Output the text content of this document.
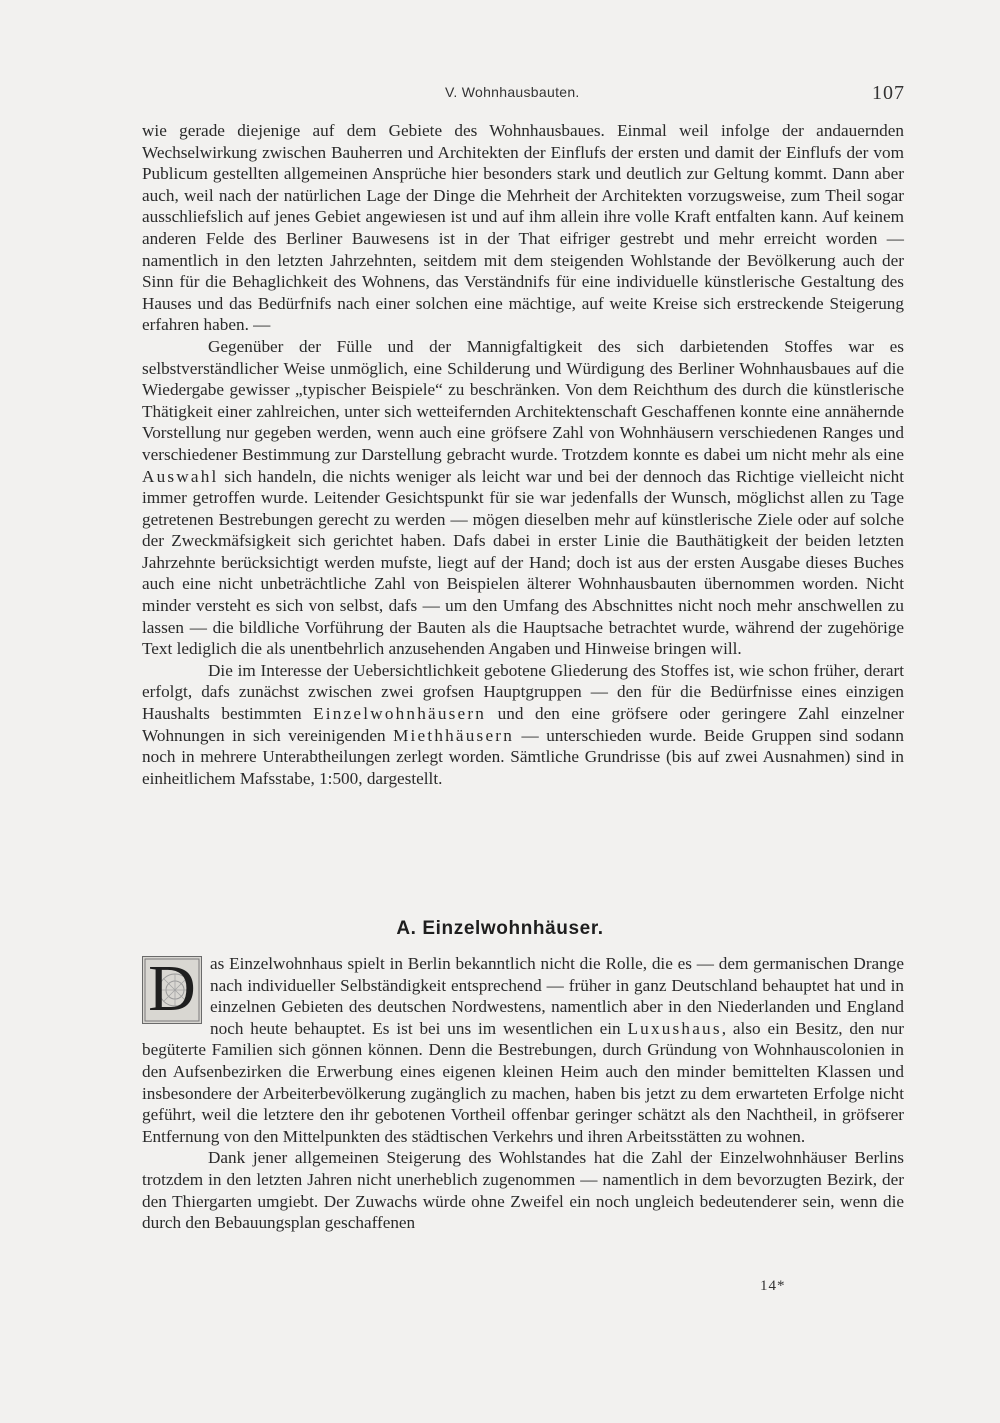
V. Wohnhausbauten.	107

wie gerade diejenige auf dem Gebiete des Wohnhausbaues. Einmal weil infolge der andauernden Wechselwirkung zwischen Bauherren und Architekten der Einflufs der ersten und damit der Einflufs der vom Publicum gestellten allgemeinen Ansprüche hier besonders stark und deutlich zur Geltung kommt. Dann aber auch, weil nach der natürlichen Lage der Dinge die Mehrheit der Architekten vorzugsweise, zum Theil sogar ausschliefslich auf jenes Gebiet angewiesen ist und auf ihm allein ihre volle Kraft entfalten kann. Auf keinem anderen Felde des Berliner Bauwesens ist in der That eifriger gestrebt und mehr erreicht worden — namentlich in den letzten Jahrzehnten, seitdem mit dem steigenden Wohlstande der Bevölkerung auch der Sinn für die Behaglichkeit des Wohnens, das Verständnifs für eine individuelle künstlerische Gestaltung des Hauses und das Bedürfnifs nach einer solchen eine mächtige, auf weite Kreise sich erstreckende Steigerung erfahren haben. —

Gegenüber der Fülle und der Mannigfaltigkeit des sich darbietenden Stoffes war es selbstverständlicher Weise unmöglich, eine Schilderung und Würdigung des Berliner Wohnhausbaues auf die Wiedergabe gewisser „typischer Beispiele“ zu beschränken. Von dem Reichthum des durch die künstlerische Thätigkeit einer zahlreichen, unter sich wetteifernden Architektenschaft Geschaffenen konnte eine annähernde Vorstellung nur gegeben werden, wenn auch eine gröfsere Zahl von Wohnhäusern verschiedenen Ranges und verschiedener Bestimmung zur Darstellung gebracht wurde. Trotzdem konnte es dabei um nicht mehr als eine Auswahl sich handeln, die nichts weniger als leicht war und bei der dennoch das Richtige vielleicht nicht immer getroffen wurde. Leitender Gesichtspunkt für sie war jedenfalls der Wunsch, möglichst allen zu Tage getretenen Bestrebungen gerecht zu werden — mögen dieselben mehr auf künstlerische Ziele oder auf solche der Zweckmäfsigkeit sich gerichtet haben. Dafs dabei in erster Linie die Bauthätigkeit der beiden letzten Jahrzehnte berücksichtigt werden mufste, liegt auf der Hand; doch ist aus der ersten Ausgabe dieses Buches auch eine nicht unbeträchtliche Zahl von Beispielen älterer Wohnhausbauten übernommen worden. Nicht minder versteht es sich von selbst, dafs — um den Umfang des Abschnittes nicht noch mehr anschwellen zu lassen — die bildliche Vorführung der Bauten als die Hauptsache betrachtet wurde, während der zugehörige Text lediglich die als unentbehrlich anzusehenden Angaben und Hinweise bringen will.

Die im Interesse der Uebersichtlichkeit gebotene Gliederung des Stoffes ist, wie schon früher, derart erfolgt, dafs zunächst zwischen zwei grofsen Hauptgruppen — den für die Bedürfnisse eines einzigen Haushalts bestimmten Einzelwohnhäusern und den eine gröfsere oder geringere Zahl einzelner Wohnungen in sich vereinigenden Miethhäusern — unterschieden wurde. Beide Gruppen sind sodann noch in mehrere Unterabtheilungen zerlegt worden. Sämtliche Grundrisse (bis auf zwei Ausnahmen) sind in einheitlichem Mafsstabe, 1:500, dargestellt.

A. Einzelwohnhäuser.

D as Einzelwohnhaus spielt in Berlin bekanntlich nicht die Rolle, die es — dem germanischen Drange nach individueller Selbständigkeit entsprechend — früher in ganz Deutschland behauptet hat und in einzelnen Gebieten des deutschen Nordwestens, namentlich aber in den Niederlanden und England noch heute behauptet. Es ist bei uns im wesentlichen ein Luxushaus, also ein Besitz, den nur begüterte Familien sich gönnen können. Denn die Bestrebungen, durch Gründung von Wohnhauscolonien in den Aufsenbezirken die Erwerbung eines eigenen kleinen Heim auch den minder bemittelten Klassen und insbesondere der Arbeiterbevölkerung zugänglich zu machen, haben bis jetzt zu dem erwarteten Erfolge nicht geführt, weil die letztere den ihr gebotenen Vortheil offenbar geringer schätzt als den Nachtheil, in gröfserer Entfernung von den Mittelpunkten des städtischen Verkehrs und ihren Arbeitsstätten zu wohnen.

Dank jener allgemeinen Steigerung des Wohlstandes hat die Zahl der Einzelwohnhäuser Berlins trotzdem in den letzten Jahren nicht unerheblich zugenommen — namentlich in dem bevorzugten Bezirk, der den Thiergarten umgiebt. Der Zuwachs würde ohne Zweifel ein noch ungleich bedeutenderer sein, wenn die durch den Bebauungsplan geschaffenen

14*
